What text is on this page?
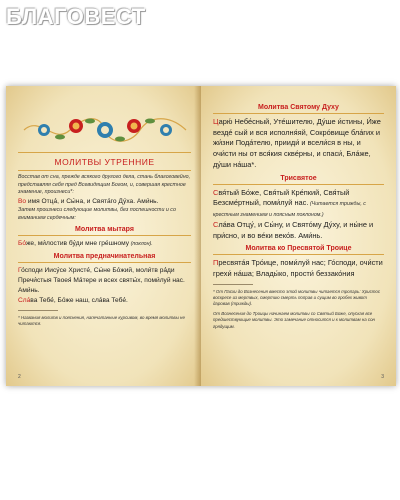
БЛАГОВЕСТ
МОЛИТВЫ УТРЕННИЕ

Восстав от сна, прежде всякого другого дела, стань благоговейно, представляя себя пред Всевидящим Богом, и, совершая крестное знамение, произнеси*:

Во имя Отца́, и Сы́на, и Свята́го Ду́ха. Ами́нь.

Затем произнеси следующие молитвы, без поспешности и со вниманием сердечным:

Молитва мытаря

Бо́же, ми́лостив бу́ди мне гре́шному (поклон).

Молитва предначинательная

Го́споди Иису́се Христе́, Сы́не Бо́жий, моли́тв ра́ди Пречи́стыя Твоея́ Ма́тере и всех святы́х, поми́луй нас. Ами́нь.

Сла́ва Тебе́, Бо́же наш, сла́ва Тебе́.

* Названия молитв и пояснения, напечатанные курсивом, во время молитвы не читаются.

2
Молитва Святому Духу

Царю́ Небе́сный, Уте́шителю, Ду́ше и́стины, И́же везде́ сый и вся исполня́яй, Сокро́вище бла́гих и жи́зни Пода́телю, прииди́ и всели́ся в ны, и очи́сти ны от вся́кия скве́рны, и спаси́, Бла́же, ду́ши на́ша*.

Трисвятое

Свя́тый Бо́же, Свя́тый Кре́пкий, Свя́тый Безсме́ртный, поми́луй нас. (Читается трижды, с крестным знамением и поясным поклоном.)

Сла́ва Отцу́, и Сы́ну, и Свято́му Ду́ху, и ны́не и при́сно, и во ве́ки веко́в. Ами́нь.

Молитва ко Пресвятой Троице

Пресвята́я Тро́ице, поми́луй нас; Го́споди, очи́сти грехи́ на́ша; Влады́ко, прости́ беззако́ния

* От Пасхи до Вознесения вместо этой молитвы читается тропарь: Христос воскресе из мертвых, смертию смерть поправ и сущим во гробех живот даровав (трижды).

От Вознесения до Троицы начинаем молитвы со Святый Боже, опуская все предшествующие молитвы. Это замечание относится и к молитвам на сон грядущим.

3
